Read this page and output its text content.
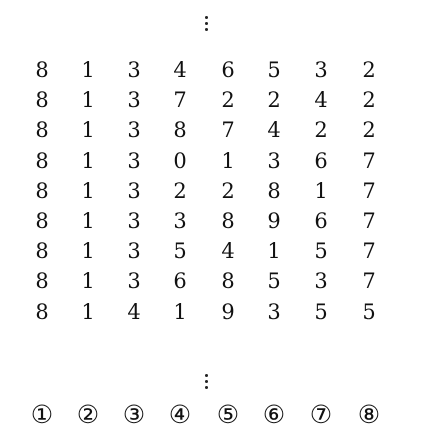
8	1	3	4	6	5	3	2
8	1	3	7	2	2	4	2
8	1	3	8	7	4	2	2
8	1	3	0	1	3	6	7
8	1	3	2	2	8	1	7
8	1	3	3	8	9	6	7
8	1	3	5	4	1	5	7
8	1	3	6	8	5	3	7
8	1	4	1	9	3	5	5
① ② ③ ④ ⑤ ⑥ ⑦ ⑧
